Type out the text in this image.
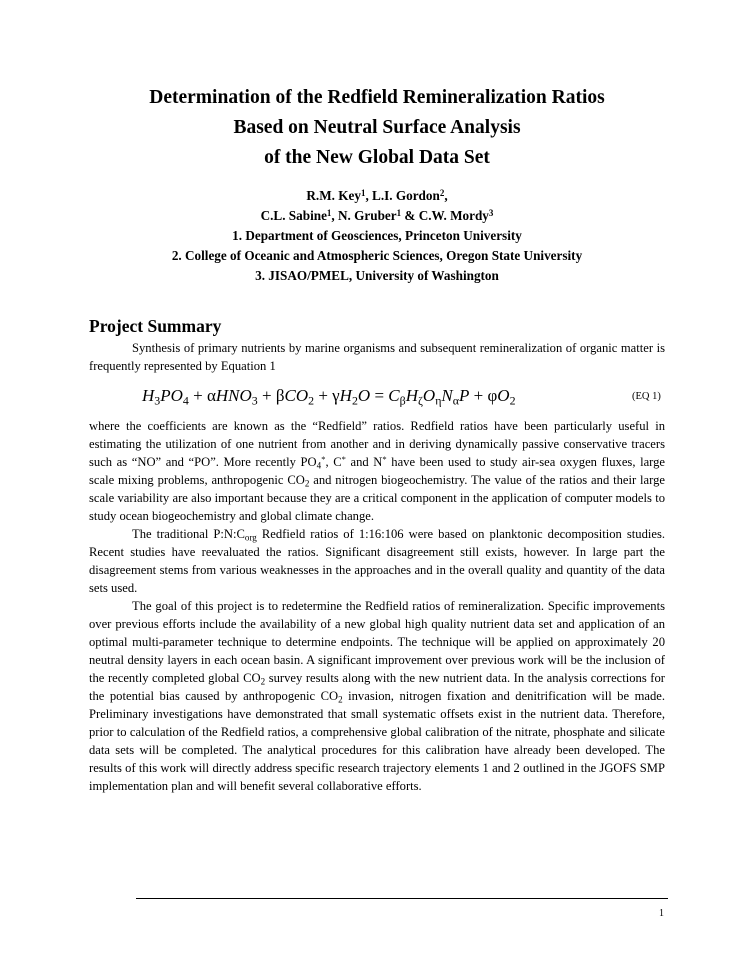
Determination of the Redfield Remineralization Ratios
Based on Neutral Surface Analysis
of the New Global Data Set
R.M. Key$^1$, L.I. Gordon$^2$,
C.L. Sabine$^1$, N. Gruber$^1$ & C.W. Mordy$^3$
1. Department of Geosciences, Princeton University
2. College of Oceanic and Atmospheric Sciences, Oregon State University
3. JISAO/PMEL, University of Washington
Project Summary

Synthesis of primary nutrients by marine organisms and subsequent remineralization of organic matter is frequently represented by Equation 1

$H_3PO_4 + \alpha HNO_3 + \beta CO_2 + \gamma H_2O = C_\beta H_\zeta O_\eta N_\alpha P + \varphi O_2$	(EQ 1)

where the coefficients are known as the “Redfield” ratios. Redfield ratios have been particularly useful in estimating the utilization of one nutrient from another and in deriving dynamically passive conservative tracers such as “NO” and “PO”. More recently $PO_4^*$, C* and N* have been used to study air-sea oxygen fluxes, large scale mixing problems, anthropogenic $CO_2$ and nitrogen biogeochemistry. The value of the ratios and their large scale variability are also important because they are a critical component in the application of computer models to study ocean biogeochemistry and global climate change.

The traditional $P:N:C_{org}$ Redfield ratios of 1:16:106 were based on planktonic decomposition studies. Recent studies have reevaluated the ratios. Significant disagreement still exists, however. In large part the disagreement stems from various weaknesses in the approaches and in the overall quality and quantity of the data sets used.

The goal of this project is to redetermine the Redfield ratios of remineralization. Specific improvements over previous efforts include the availability of a new global high quality nutrient data set and application of an optimal multi-parameter technique to determine endpoints. The technique will be applied on approximately 20 neutral density layers in each ocean basin. A significant improvement over previous work will be the inclusion of the recently completed global $CO_2$ survey results along with the new nutrient data. In the analysis corrections for the potential bias caused by anthropogenic $CO_2$ invasion, nitrogen fixation and denitrification will be made. Preliminary investigations have demonstrated that small systematic offsets exist in the nutrient data. Therefore, prior to calculation of the Redfield ratios, a comprehensive global calibration of the nitrate, phosphate and silicate data sets will be completed. The analytical procedures for this calibration have already been developed. The results of this work will directly address specific research trajectory elements 1 and 2 outlined in the JGOFS SMP implementation plan and will benefit several collaborative efforts.

1
